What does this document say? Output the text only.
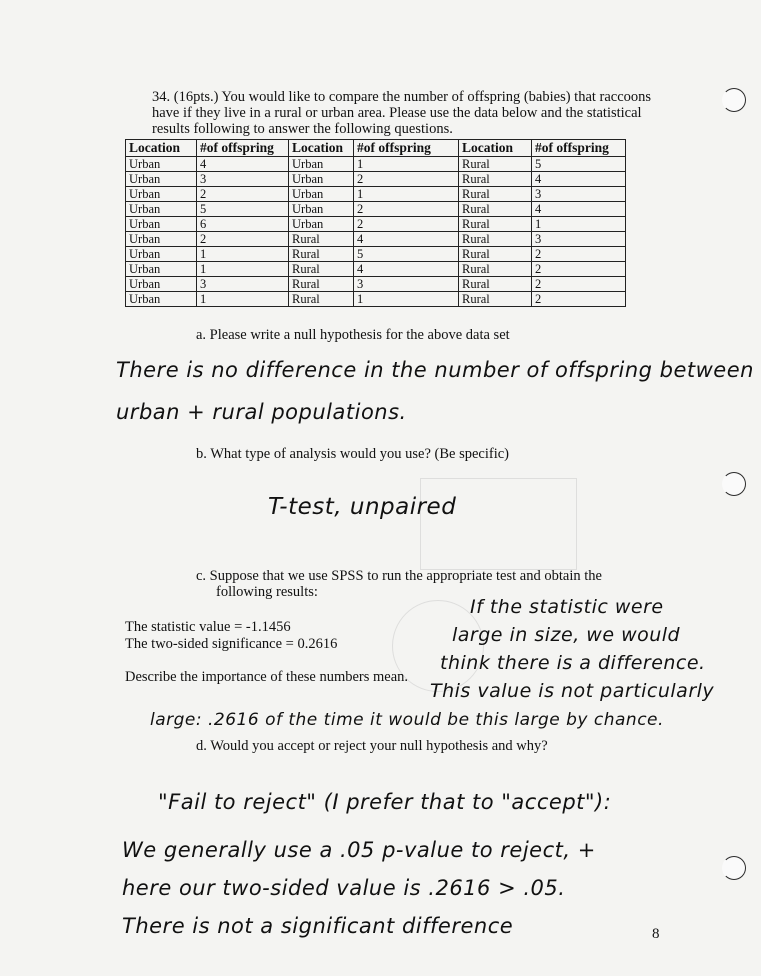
34. (16pts.) You would like to compare the number of offspring (babies) that raccoons have if they live in a rural or urban area. Please use the data below and the statistical results following to answer the following questions.
Location	#of offspring	Location	#of offspring	Location	#of offspring
Urban	4	Urban	1	Rural	5
Urban	3	Urban	2	Rural	4
Urban	2	Urban	1	Rural	3
Urban	5	Urban	2	Rural	4
Urban	6	Urban	2	Rural	1
Urban	2	Rural	4	Rural	3
Urban	1	Rural	5	Rural	2
Urban	1	Rural	4	Rural	2
Urban	3	Rural	3	Rural	2
Urban	1	Rural	1	Rural	2
a. Please write a null hypothesis for the above data set
There is no difference in the number of offspring between
urban + rural populations.
b. What type of analysis would you use? (Be specific)
T-test, unpaired
c. Suppose that we use SPSS to run the appropriate test and obtain the
following results:
The statistic value = -1.1456
The two-sided significance = 0.2616
Describe the importance of these numbers mean.
If the statistic were
large in size, we would
think there is a difference.
This value is not particularly
large: .2616 of the time it would be this large by chance.
d. Would you accept or reject your null hypothesis and why?
"Fail to reject" (I prefer that to "accept"):
We generally use a .05 p-value to reject, +
here our two-sided value is .2616 > .05.
There is not a significant difference	8
